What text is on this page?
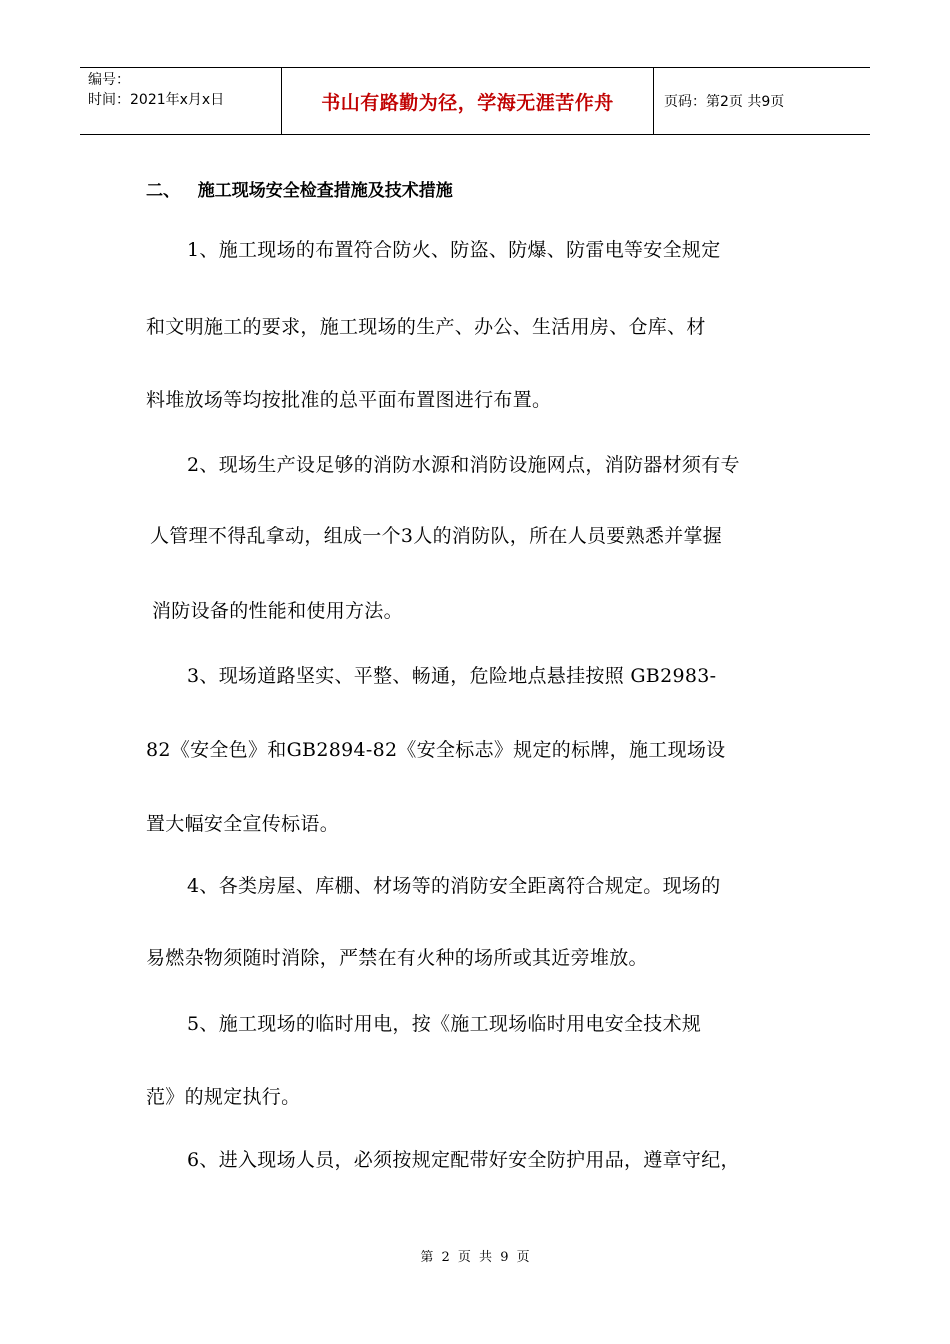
编号：
时间：2021年x月x日	书山有路勤为径，学海无涯苦作舟	页码：第2页 共9页
二、   施工现场安全检查措施及技术措施
1、施工现场的布置符合防火、防盗、防爆、防雷电等安全规定
和文明施工的要求，施工现场的生产、办公、生活用房、仓库、材
料堆放场等均按批准的总平面布置图进行布置。
2、现场生产设足够的消防水源和消防设施网点，消防器材须有专
人管理不得乱拿动，组成一个3人的消防队，所在人员要熟悉并掌握
消防设备的性能和使用方法。
3、现场道路坚实、平整、畅通，危险地点悬挂按照 GB2983-
82《安全色》和GB2894-82《安全标志》规定的标牌，施工现场设
置大幅安全宣传标语。
4、各类房屋、库棚、材场等的消防安全距离符合规定。现场的
易燃杂物须随时消除，严禁在有火种的场所或其近旁堆放。
5、施工现场的临时用电，按《施工现场临时用电安全技术规
范》的规定执行。
6、进入现场人员，必须按规定配带好安全防护用品，遵章守纪，
第 2 页 共 9 页
